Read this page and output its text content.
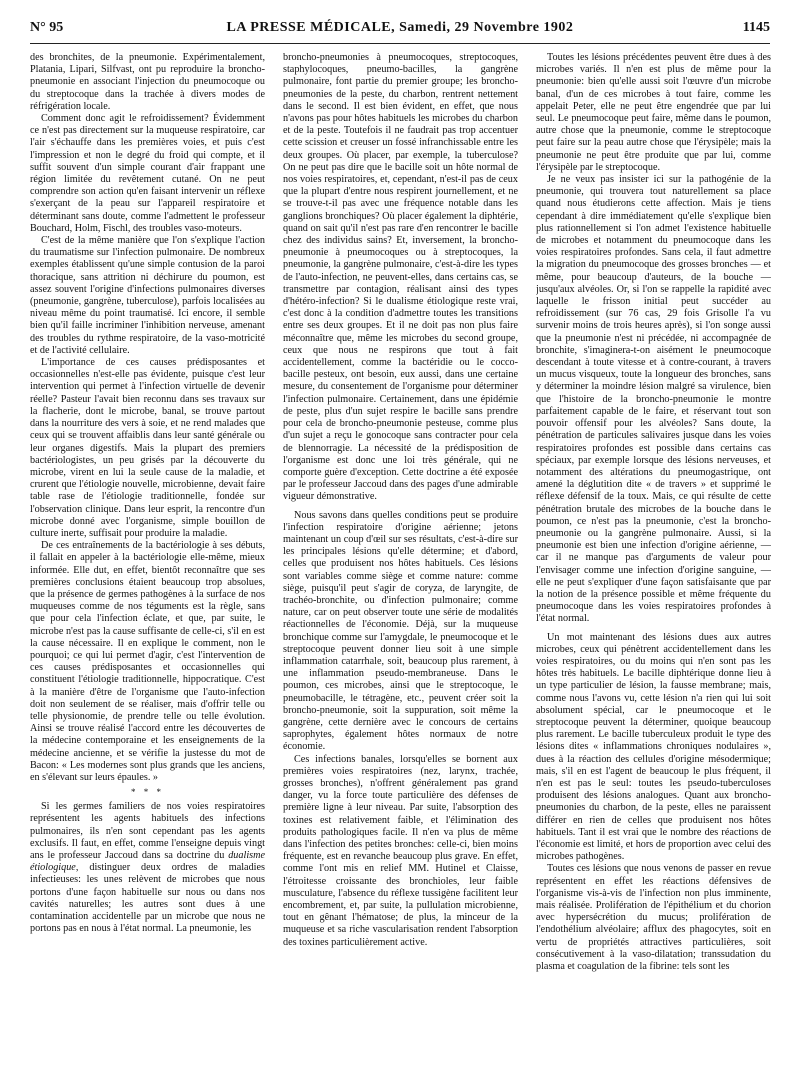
LA PRESSE MÉDICALE, Samedi, 29 Novembre 1902
N° 95	1145

des bronchites, de la pneumonie. Expérimentalement, Platania, Lipari, Silfvast, ont pu reproduire la broncho-pneumonie en associant l'injection du pneumocoque ou du streptocoque dans la trachée à divers modes de réfrigération locale.

Comment donc agit le refroidissement? Évidemment ce n'est pas directement sur la muqueuse respiratoire, car l'air s'échauffe dans les premières voies, et puis c'est l'impression et non le degré du froid qui compte, et il suffit souvent d'un simple courant d'air frappant une région limitée du revêtement cutané. On ne peut comprendre son action qu'en faisant intervenir un réflexe s'exerçant de la peau sur l'appareil respiratoire et déterminant sans doute, comme l'admettent le professeur Bouchard, Holm, Fischl, des troubles vaso-moteurs.

C'est de la même manière que l'on s'explique l'action du traumatisme sur l'infection pulmonaire. De nombreux exemples établissent qu'une simple contusion de la paroi thoracique, sans attrition ni déchirure du poumon, est assez souvent l'origine d'infections pulmonaires diverses (pneumonie, gangrène, tuberculose), parfois localisées au niveau même du point traumatisé. Ici encore, il semble bien qu'il faille incriminer l'inhibition nerveuse, amenant des troubles du rythme respiratoire, de la vaso-motricité et de l'activité cellulaire.

L'importance de ces causes prédisposantes et occasionnelles n'est-elle pas évidente, puisque c'est leur intervention qui permet à l'infection virtuelle de devenir réelle? Pasteur l'avait bien reconnu dans ses travaux sur la flacherie, dont le microbe, banal, se trouve partout dans la nourriture des vers à soie, et ne rend malades que ceux qui se trouvent affaiblis dans leur santé générale ou leur organes digestifs. Mais la plupart des premiers bactériologistes, un peu grisés par la découverte du microbe, virent en lui la seule cause de la maladie, et crurent que l'étiologie nouvelle, microbienne, devait faire table rase de l'étiologie traditionnelle, fondée sur l'observation clinique. Dans leur esprit, la rencontre d'un microbe donné avec l'organisme, simple bouillon de culture inerte, suffisait pour produire la maladie.

De ces entraînements de la bactériologie à ses débuts, il fallait en appeler à la bactériologie elle-même, mieux informée. Elle dut, en effet, bientôt reconnaître que ses premières conclusions étaient beaucoup trop absolues, que la présence de germes pathogènes à la surface de nos muqueuses comme de nos téguments est la règle, sans que pour cela l'infection éclate, et que, par suite, le microbe n'est pas la cause suffisante de celle-ci, s'il en est la cause nécessaire. Il en explique le comment, non le pourquoi; ce qui lui permet d'agir, c'est l'intervention de ces causes prédisposantes et occasionnelles qui constituent l'étiologie traditionnelle, hippocratique. C'est à la manière d'être de l'organisme que l'auto-infection doit non seulement de se réaliser, mais d'offrir telle ou telle physionomie, de prendre telle ou telle évolution. Ainsi se trouve réalisé l'accord entre les découvertes de la médecine contemporaine et les enseignements de la médecine ancienne, et se vérifie la justesse du mot de Bacon: « Les modernes sont plus grands que les anciens, en s'élevant sur leurs épaules. »

* * *

Si les germes familiers de nos voies respiratoires représentent les agents habituels des infections pulmonaires, ils n'en sont cependant pas les agents exclusifs. Il faut, en effet, comme l'enseigne depuis vingt ans le professeur Jaccoud dans sa doctrine du dualisme étiologique, distinguer deux ordres de maladies infectieuses: les unes relèvent de microbes que nous portons d'une façon habituelle sur nous ou dans nos cavités naturelles; les autres sont dues à une contamination accidentelle par un microbe que nous ne portons pas en nous à l'état normal. La pneumonie, les

broncho-pneumonies à pneumocoques, streptocoques, staphylocoques, pneumo-bacilles, la gangrène pulmonaire, font partie du premier groupe; les broncho-pneumonies de la peste, du charbon, rentrent nettement dans le second. Il est bien évident, en effet, que nous n'avons pas pour hôtes habituels les microbes du charbon et de la peste. Toutefois il ne faudrait pas trop accentuer cette scission et creuser un fossé infranchissable entre les deux groupes. Où placer, par exemple, la tuberculose? On ne peut pas dire que le bacille soit un hôte normal de nos voies respiratoires, et, cependant, n'est-il pas de ceux que la plupart d'entre nous respirent journellement, et ne se trouve-t-il pas avec une fréquence notable dans les ganglions bronchiques? Où placer également la diphtérie, quand on sait qu'il n'est pas rare d'en rencontrer le bacille chez des individus sains? Et, inversement, la broncho-pneumonie à pneumocoques ou à streptocoques, la pneumonie, la gangrène pulmonaire, c'est-à-dire les types de l'auto-infection, ne peuvent-elles, dans certains cas, se transmettre par contagion, réalisant ainsi des types d'hétéro-infection? Si le dualisme étiologique reste vrai, c'est donc à la condition d'admettre toutes les transitions entre ses deux groupes. Et il ne doit pas non plus faire méconnaître que, même les microbes du second groupe, ceux que nous ne respirons que tout à fait accidentellement, comme la bactéridie ou le cocco-bacille pesteux, ont besoin, eux aussi, dans une certaine mesure, du consentement de l'organisme pour déterminer l'infection pulmonaire. Certainement, dans une épidémie de peste, plus d'un sujet respire le bacille sans prendre pour cela de broncho-pneumonie pesteuse, comme plus d'un sujet a reçu le gonocoque sans contracter pour cela de blennorragie. La nécessité de la prédisposition de l'organisme est donc une loi très générale, qui ne comporte guère d'exception. Cette doctrine a été exposée par le professeur Jaccoud dans des pages d'une admirable vigueur démonstrative.

Nous savons dans quelles conditions peut se produire l'infection respiratoire d'origine aérienne; jetons maintenant un coup d'œil sur ses résultats, c'est-à-dire sur les principales lésions qu'elle détermine; et d'abord, celles que produisent nos hôtes habituels. Ces lésions sont variables comme siège et comme nature: comme siège, puisqu'il peut s'agir de coryza, de laryngite, de trachéo-bronchite, ou d'infection pulmonaire; comme nature, car on peut observer toute une série de modalités réactionnelles de l'économie. Déjà, sur la muqueuse bronchique comme sur l'amygdale, le pneumocoque et le streptocoque peuvent donner lieu soit à une simple inflammation catarrhale, soit, beaucoup plus rarement, à une inflammation pseudo-membraneuse. Dans le poumon, ces microbes, ainsi que le streptocoque, le pneumobacille, le tétragène, etc., peuvent créer soit la broncho-pneumonie, soit la suppuration, soit même la gangrène, cette dernière avec le concours de certains saprophytes, également hôtes normaux de notre économie.

Ces infections banales, lorsqu'elles se bornent aux premières voies respiratoires (nez, larynx, trachée, grosses bronches), n'offrent généralement pas grand danger, vu la force toute particulière des défenses de première ligne à leur niveau. Par suite, l'absorption des toxines est relativement faible, et l'élimination des produits pathologiques facile. Il n'en va plus de même dans l'infection des petites bronches: celle-ci, bien moins fréquente, est en revanche beaucoup plus grave. En effet, comme l'ont mis en relief MM. Hutinel et Claisse, l'étroitesse croissante des bronchioles, leur faible musculature, l'absence du réflexe tussigène facilitent leur encombrement, et, par suite, la pullulation microbienne, tout en gênant l'hématose; de plus, la minceur de la muqueuse et sa riche vascularisation rendent l'absorption des toxines particulièrement active.

Toutes les lésions précédentes peuvent être dues à des microbes variés. Il n'en est plus de même pour la pneumonie: bien qu'elle aussi soit l'œuvre d'un microbe banal, d'un de ces microbes à tout faire, comme les appelait Peter, elle ne peut être engendrée que par lui seul. Le pneumocoque peut faire, même dans le poumon, autre chose que la pneumonie, comme le streptocoque peut faire sur la peau autre chose que l'érysipèle; mais la pneumonie ne peut être produite que par lui, comme l'érysipèle par le streptocoque.

Je ne veux pas insister ici sur la pathogénie de la pneumonie, qui trouvera tout naturellement sa place quand nous étudierons cette affection. Mais je tiens cependant à dire immédiatement qu'elle s'explique bien plus rationnellement si l'on admet l'existence habituelle de microbes et notamment du pneumocoque dans les voies respiratoires profondes. Sans cela, il faut admettre la migration du pneumocoque des grosses bronches — et même, pour beaucoup d'auteurs, de la bouche — jusqu'aux alvéoles. Or, si l'on se rappelle la rapidité avec laquelle le frisson initial peut succéder au refroidissement (sur 76 cas, 29 fois Grisolle l'a vu survenir moins de trois heures après), si l'on songe aussi que la pneumonie n'est ni précédée, ni accompagnée de bronchite, s'imaginera-t-on aisément le pneumocoque descendant à toute vitesse et à contre-courant, à travers un mucus visqueux, toute la longueur des bronches, sans y déterminer la moindre lésion malgré sa virulence, bien que l'histoire de la broncho-pneumonie le montre parfaitement capable de le faire, et réservant tout son pouvoir offensif pour les alvéoles? Sans doute, la pénétration de particules salivaires jusque dans les voies respiratoires profondes est possible dans certains cas spéciaux, par exemple lorsque des lésions nerveuses, et notamment des altérations du pneumogastrique, ont amené la déglutition dite « de travers » et supprimé le réflexe défensif de la toux. Mais, ce qui résulte de cette pénétration brutale des microbes de la bouche dans le poumon, ce n'est pas la pneumonie, c'est la broncho-pneumonie ou la gangrène pulmonaire. Aussi, si la pneumonie est bien une infection d'origine aérienne, — car il ne manque pas d'arguments de valeur pour l'envisager comme une infection d'origine sanguine, — elle ne peut s'expliquer d'une façon satisfaisante que par la notion de la présence possible et même fréquente du pneumocoque dans les voies respiratoires profondes à l'état normal.

Un mot maintenant des lésions dues aux autres microbes, ceux qui pénètrent accidentellement dans les voies respiratoires, ou du moins qui n'en sont pas les hôtes très habituels. Le bacille diphtérique donne lieu à un type particulier de lésion, la fausse membrane; mais, comme nous l'avons vu, cette lésion n'a rien qui lui soit absolument spécial, car le pneumocoque et le streptocoque peuvent la déterminer, quoique beaucoup plus rarement. Le bacille tuberculeux produit le type des lésions dites « inflammations chroniques nodulaires », dues à la réaction des cellules d'origine mésodermique; mais, s'il en est l'agent de beaucoup le plus fréquent, il n'en est pas le seul: toutes les pseudo-tuberculoses produisent des lésions analogues. Quant aux broncho-pneumonies du charbon, de la peste, elles ne paraissent différer en rien de celles que produisent nos hôtes habituels. Tant il est vrai que le nombre des réactions de l'économie est limité, et hors de proportion avec celui des microbes pathogènes.

Toutes ces lésions que nous venons de passer en revue représentent en effet les réactions défensives de l'organisme vis-à-vis de l'infection non plus imminente, mais réalisée. Prolifération de l'épithélium et du chorion avec hypersécrétion du mucus; prolifération de l'endothélium alvéolaire; afflux des phagocytes, soit en vertu de propriétés attractives particulières, soit consécutivement à la vaso-dilatation; transsudation du plasma et coagulation de la fibrine: tels sont les
